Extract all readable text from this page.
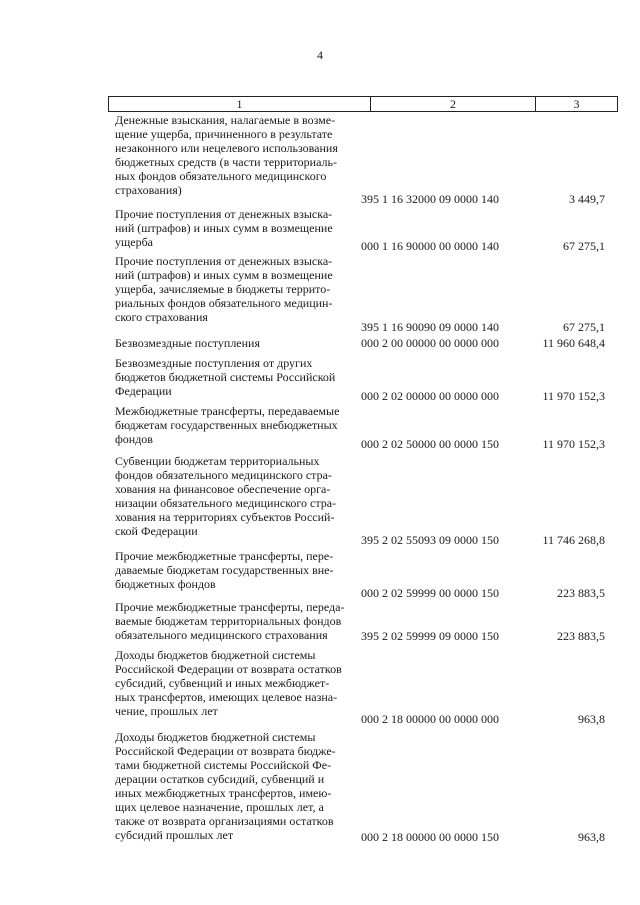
4
1	2	3
Денежные взыскания, налагаемые в возме-
щение ущерба, причиненного в результате
незаконного или нецелевого использования
бюджетных средств (в части территориаль-
ных фондов обязательного медицинского
страхования)
395 1 16 32000 09 0000 140	3 449,7
Прочие поступления от денежных взыска-
ний (штрафов) и иных сумм в возмещение
ущерба	000 1 16 90000 00 0000 140	67 275,1
Прочие поступления от денежных взыска-
ний (штрафов) и иных сумм в возмещение
ущерба, зачисляемые в бюджеты террито-
риальных фондов обязательного медицин-
ского страхования
395 1 16 90090 09 0000 140	67 275,1
Безвозмездные поступления	000 2 00 00000 00 0000 000	11 960 648,4
Безвозмездные поступления от других
бюджетов бюджетной системы Российской
Федерации	000 2 02 00000 00 0000 000	11 970 152,3
Межбюджетные трансферты, передаваемые
бюджетам государственных внебюджетных
фондов	000 2 02 50000 00 0000 150	11 970 152,3
Субвенции бюджетам территориальных
фондов обязательного медицинского стра-
хования на финансовое обеспечение орга-
низации обязательного медицинского стра-
хования на территориях субъектов Россий-
ской Федерации
395 2 02 55093 09 0000 150	11 746 268,8
Прочие межбюджетные трансферты, пере-
даваемые бюджетам государственных вне-
бюджетных фондов
000 2 02 59999 00 0000 150	223 883,5
Прочие межбюджетные трансферты, переда-
ваемые бюджетам территориальных фондов
обязательного медицинского страхования	395 2 02 59999 09 0000 150	223 883,5
Доходы бюджетов бюджетной системы
Российской Федерации от возврата остатков
субсидий, субвенций и иных межбюджет-
ных трансфертов, имеющих целевое назна-
чение, прошлых лет
000 2 18 00000 00 0000 000	963,8
Доходы бюджетов бюджетной системы
Российской Федерации от возврата бюдже-
тами бюджетной системы Российской Фе-
дерации остатков субсидий, субвенций и
иных межбюджетных трансфертов, имею-
щих целевое назначение, прошлых лет, а
также от возврата организациями остатков
субсидий прошлых лет	000 2 18 00000 00 0000 150	963,8
